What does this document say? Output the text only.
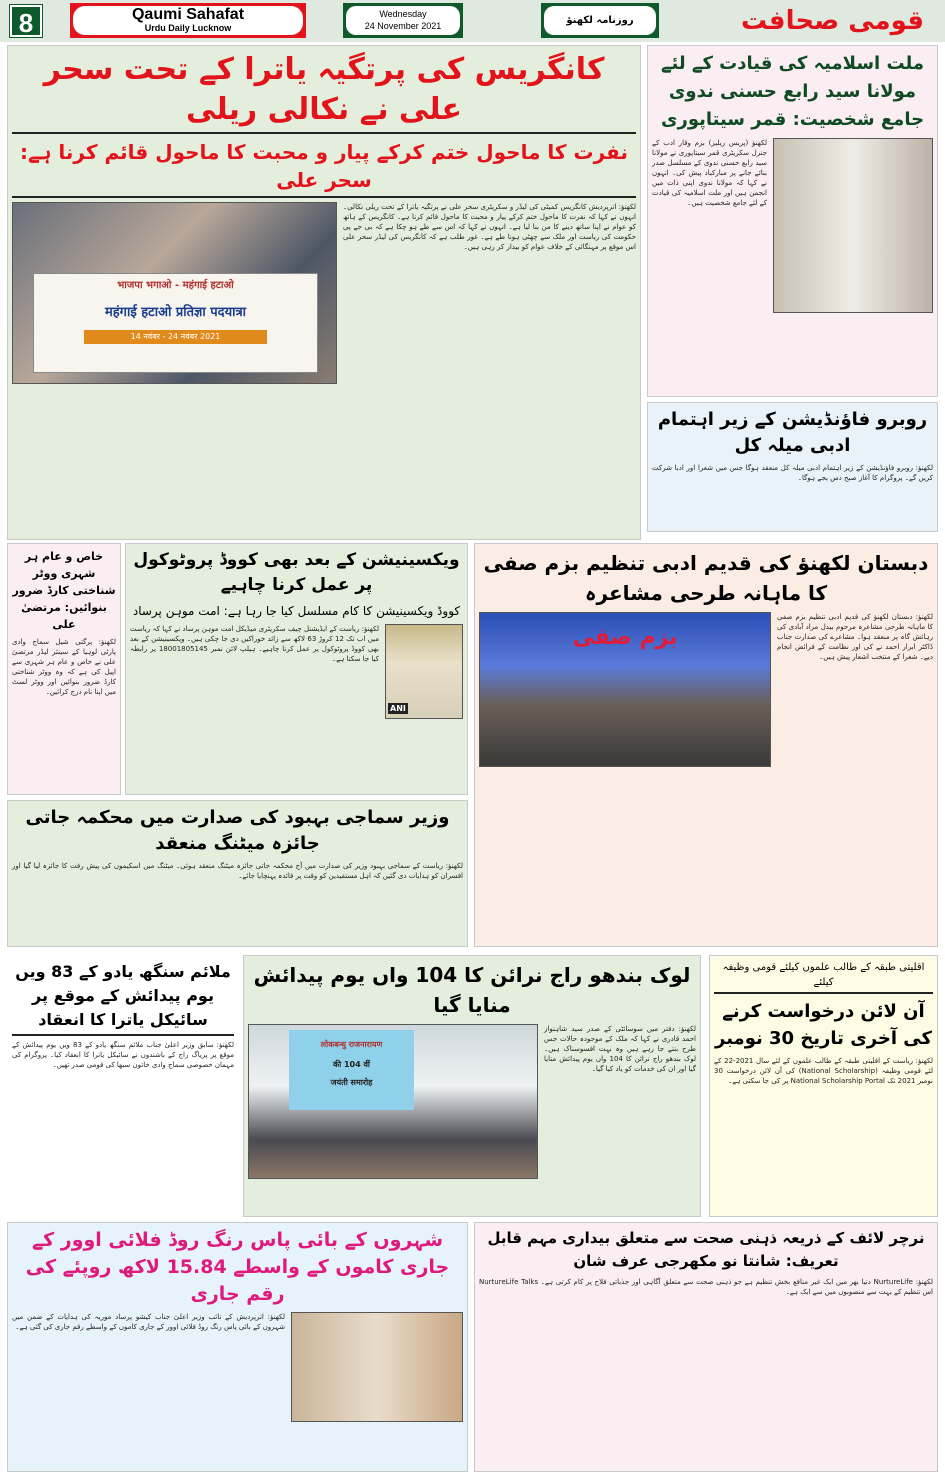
8	Qaumi Sahafat
Urdu Daily Lucknow
Wednesday
24 November 2021	روزنامہ لکھنؤ	قومی صحافت
کانگریس کی پرتگیہ یاترا کے تحت سحر علی نے نکالی ریلی
نفرت کا ماحول ختم کرکے پیار و محبت کا ماحول قائم کرنا ہے: سحر علی
لکھنؤ: اترپردیش کانگریس کمیٹی کی لیڈر و سکریٹری سحر علی نے پرتگیہ یاترا کے تحت ریلی نکالی۔ انہوں نے کہا کہ نفرت کا ماحول ختم کرکے پیار و محبت کا ماحول قائم کرنا ہے۔ کانگریس کے ہاتھ کو عوام نے اپنا ساتھ دینے کا من بنا لیا ہے۔ انہوں نے کہا کہ اس سے طے ہو چکا ہے کہ بی جے پی حکومت کی ریاست اور ملک سے چھٹی ہونا طے ہے۔ غور طلب ہے کہ کانگریس کی لیڈر سحر علی اس موقع پر مہنگائی کے خلاف عوام کو بیدار کر رہی ہیں۔
भाजपा भगाओ - महंगाई हटाओ
महंगाई हटाओ प्रतिज्ञा पदयात्रा
14 नवंबर - 24 नवंबर 2021
ملت اسلامیہ کی قیادت کے لئے مولانا سید رابع حسنی ندوی جامع شخصیت: قمر سیتاپوری
لکھنؤ (پریس ریلیز) بزم وقار ادب کے جنرل سکریٹری قمر سیتاپوری نے مولانا سید رابع حسنی ندوی کے مسلسل صدر بنائے جانے پر مبارکباد پیش کی۔ انہوں نے کہا کہ مولانا ندوی اپنی ذات میں انجمن ہیں اور ملت اسلامیہ کی قیادت کے لئے جامع شخصیت ہیں۔
روبرو فاؤنڈیشن کے زیر اہتمام ادبی میلہ کل
لکھنؤ: روبرو فاؤنڈیشن کے زیر اہتمام ادبی میلہ کل منعقد ہوگا جس میں شعرا اور ادبا شرکت کریں گے۔ پروگرام کا آغاز صبح دس بجے ہوگا۔
خاص و عام ہر شہری ووٹر شناختی کارڈ ضرور بنوائیں: مرتضیٰ علی
لکھنؤ: پرگتی شیل سماج وادی پارٹی لوہیا کے سینئر لیڈر مرتضیٰ علی نے خاص و عام ہر شہری سے اپیل کی ہے کہ وہ ووٹر شناختی کارڈ ضرور بنوائیں اور ووٹر لسٹ میں اپنا نام درج کرائیں۔
ویکسینیشن کے بعد بھی کووڈ پروٹوکول پر عمل کرنا چاہیے
کووڈ ویکسینیشن کا کام مسلسل کیا جا رہا ہے: امت موہن پرساد
لکھنؤ: ریاست کے ایڈیشنل چیف سکریٹری میڈیکل امت موہن پرساد نے کہا کہ ریاست میں اب تک 12 کروڑ 63 لاکھ سے زائد خوراکیں دی جا چکی ہیں۔ ویکسینیشن کے بعد بھی کووڈ پروٹوکول پر عمل کرنا چاہیے۔ ہیلپ لائن نمبر 18001805145 پر رابطہ کیا جا سکتا ہے۔
ANI
دبستان لکھنؤ کی قدیم ادبی تنظیم بزم صفی کا ماہانہ طرحی مشاعرہ
لکھنؤ: دبستان لکھنؤ کی قدیم ادبی تنظیم بزم صفی کا ماہانہ طرحی مشاعرہ مرحوم بیدل مراد آبادی کی رہائش گاہ پر منعقد ہوا۔ مشاعرے کی صدارت جناب ڈاکٹر ابرار احمد نے کی اور نظامت کے فرائض انجام دیے۔ شعرا کے منتخب اشعار پیش ہیں۔
بزم صفی
وزیر سماجی بہبود کی صدارت میں محکمہ جاتی جائزہ میٹنگ منعقد
لکھنؤ: ریاست کے سماجی بہبود وزیر کی صدارت میں آج محکمہ جاتی جائزہ میٹنگ منعقد ہوئی۔ میٹنگ میں اسکیموں کی پیش رفت کا جائزہ لیا گیا اور افسران کو ہدایات دی گئیں کہ اہل مستفیدین کو وقت پر فائدہ پہنچایا جائے۔
ملائم سنگھ یادو کے 83 ویں یوم پیدائش کے موقع پر سائیکل یاترا کا انعقاد
لکھنؤ: سابق وزیر اعلیٰ جناب ملائم سنگھ یادو کے 83 ویں یوم پیدائش کے موقع پر پریاگ راج کے باشندوں نے سائیکل یاترا کا انعقاد کیا۔ پروگرام کی مہمان خصوصی سماج وادی خاتون سبھا کی قومی صدر تھیں۔
لوک بندھو راج نرائن کا 104 واں یوم پیدائش منایا گیا
لکھنؤ: دفتر میں سوسائٹی کے صدر سید شاہنواز احمد قادری نے کہا کہ ملک کے موجودہ حالات جس طرح بنتے جا رہے ہیں وہ بہت افسوسناک ہیں۔ لوک بندھو راج نرائن کا 104 واں یوم پیدائش منایا گیا اور ان کی خدمات کو یاد کیا گیا۔
लोकबन्धु राजनारायण
की 104 वीं
जयंती समारोह
اقلیتی طبقہ کے طالب علموں کیلئے قومی وظیفہ کیلئے
آن لائن درخواست کرنے کی آخری تاریخ 30 نومبر
لکھنؤ: ریاست کے اقلیتی طبقہ کے طالب علموں کے لئے سال 2021-22 کے لئے قومی وظیفہ (National Scholarship) کی آن لائن درخواست 30 نومبر 2021 تک National Scholarship Portal پر کی جا سکتی ہے۔
شہروں کے بائی پاس رنگ روڈ فلائی اوور کے جاری کاموں کے واسطے 15.84 لاکھ روپئے کی رقم جاری
لکھنؤ: اترپردیش کے نائب وزیر اعلیٰ جناب کیشو پرساد موریہ کی ہدایات کے ضمن میں شہروں کے بائی پاس رنگ روڈ فلائی اوور کے جاری کاموں کے واسطے رقم جاری کی گئی ہے۔
نرچر لائف کے ذریعہ ذہنی صحت سے متعلق بیداری مہم قابل تعریف: شانتا نو مکھرجی عرف شان
لکھنؤ: NurtureLife دنیا بھر میں ایک غیر منافع بخش تنظیم ہے جو ذہنی صحت سے متعلق آگاہی اور جذباتی فلاح پر کام کرتی ہے۔ NurtureLife Talks اس تنظیم کے بہت سے منصوبوں میں سے ایک ہے۔
